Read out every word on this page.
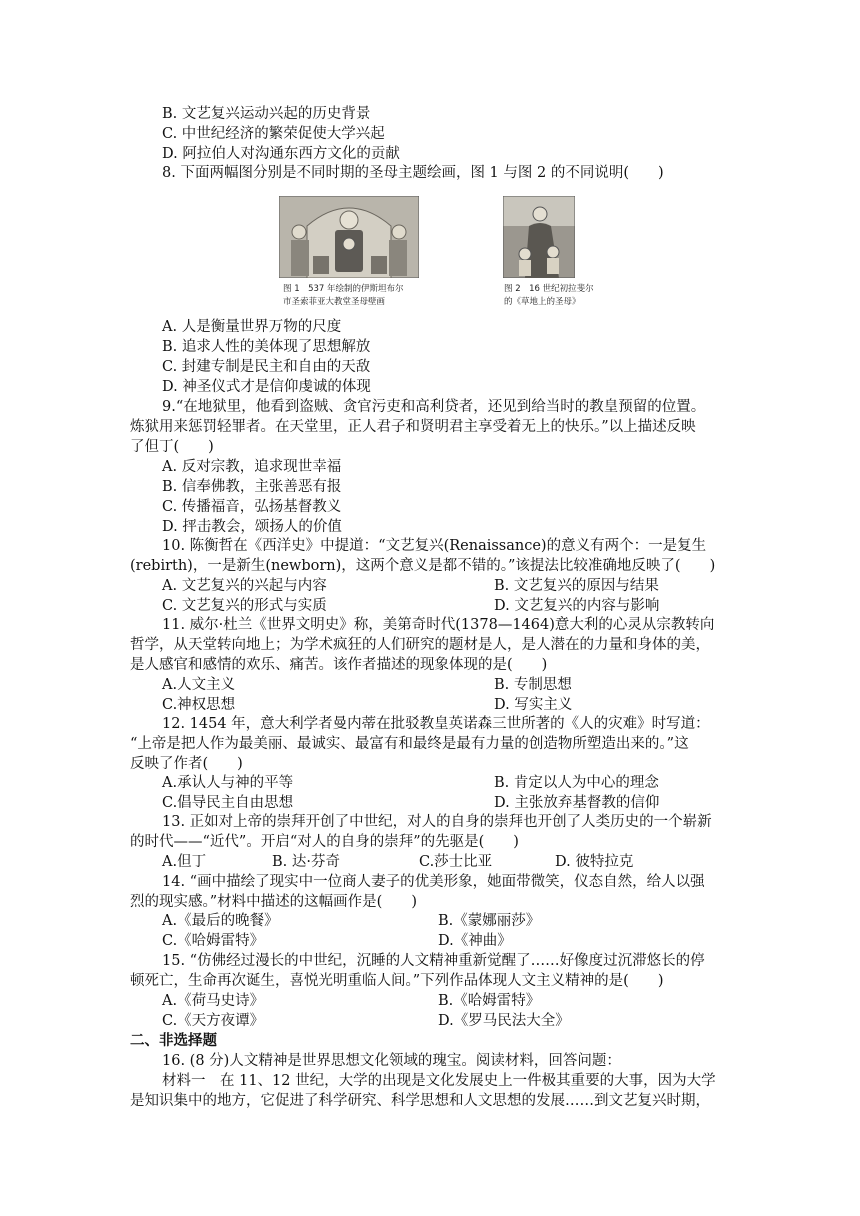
B. 文艺复兴运动兴起的历史背景
C. 中世纪经济的繁荣促使大学兴起
D. 阿拉伯人对沟通东西方文化的贡献
8. 下面两幅图分别是不同时期的圣母主题绘画，图 1 与图 2 的不同说明(　　)
图 1　537 年绘制的伊斯坦布尔
市圣索菲亚大教堂圣母壁画
图 2　16 世纪初拉斐尔
的《草地上的圣母》
A. 人是衡量世界万物的尺度
B. 追求人性的美体现了思想解放
C. 封建专制是民主和自由的天敌
D. 神圣仪式才是信仰虔诚的体现
9.“在地狱里，他看到盗贼、贪官污吏和高利贷者，还见到给当时的教皇预留的位置。
炼狱用来惩罚轻罪者。在天堂里，正人君子和贤明君主享受着无上的快乐。”以上描述反映
了但丁(　　)
A. 反对宗教，追求现世幸福
B. 信奉佛教，主张善恶有报
C. 传播福音，弘扬基督教义
D. 抨击教会，颂扬人的价值
10. 陈衡哲在《西洋史》中提道：“文艺复兴(Renaissance)的意义有两个：一是复生
(rebirth)，一是新生(newborn)，这两个意义是都不错的。”该提法比较准确地反映了(　　)
A. 文艺复兴的兴起与内容	B. 文艺复兴的原因与结果
C. 文艺复兴的形式与实质	D. 文艺复兴的内容与影响
11. 威尔·杜兰《世界文明史》称，美第奇时代(1378—1464)意大利的心灵从宗教转向
哲学，从天堂转向地上；为学术疯狂的人们研究的题材是人，是人潜在的力量和身体的美，
是人感官和感情的欢乐、痛苦。该作者描述的现象体现的是(　　)
A.人文主义	B. 专制思想
C.神权思想	D. 写实主义
12. 1454 年，意大利学者曼内蒂在批驳教皇英诺森三世所著的《人的灾难》时写道：
“上帝是把人作为最美丽、最诚实、最富有和最终是最有力量的创造物所塑造出来的。”这
反映了作者(　　)
A.承认人与神的平等	B. 肯定以人为中心的理念
C.倡导民主自由思想	D. 主张放弃基督教的信仰
13. 正如对上帝的崇拜开创了中世纪，对人的自身的崇拜也开创了人类历史的一个崭新
的时代——“近代”。开启“对人的自身的崇拜”的先驱是(　　)
A.但丁	B. 达·芬奇	C.莎士比亚	D. 彼特拉克
14. “画中描绘了现实中一位商人妻子的优美形象，她面带微笑，仪态自然，给人以强
烈的现实感。”材料中描述的这幅画作是(　　)
A.《最后的晚餐》	B.《蒙娜丽莎》
C.《哈姆雷特》	D.《神曲》
15. “仿佛经过漫长的中世纪，沉睡的人文精神重新觉醒了……好像度过沉滞悠长的停
顿死亡，生命再次诞生，喜悦光明重临人间。”下列作品体现人文主义精神的是(　　)
A.《荷马史诗》	B.《哈姆雷特》
C.《天方夜谭》	D.《罗马民法大全》
二、非选择题
16. (8 分)人文精神是世界思想文化领域的瑰宝。阅读材料，回答问题：
材料一　在 11、12 世纪，大学的出现是文化发展史上一件极其重要的大事，因为大学
是知识集中的地方，它促进了科学研究、科学思想和人文思想的发展……到文艺复兴时期，
